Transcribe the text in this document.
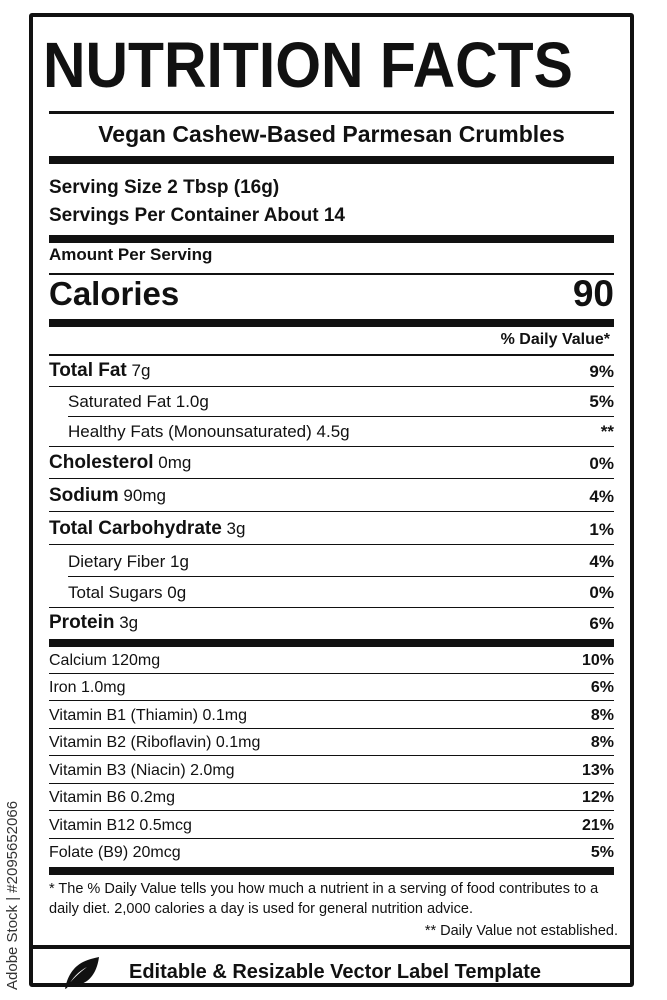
NUTRITION FACTS
Vegan Cashew-Based Parmesan Crumbles
Serving Size 2 Tbsp (16g)
Servings Per Container About 14
Amount Per Serving
Calories	90
% Daily Value*
Total Fat 7g	9%
Saturated Fat 1.0g	5%
Healthy Fats (Monounsaturated) 4.5g	**
Cholesterol 0mg	0%
Sodium 90mg	4%
Total Carbohydrate 3g	1%
Dietary Fiber 1g	4%
Total Sugars 0g	0%
Protein 3g	6%
Calcium 120mg	10%
Iron 1.0mg	6%
Vitamin B1 (Thiamin) 0.1mg	8%
Vitamin B2 (Riboflavin) 0.1mg	8%
Vitamin B3 (Niacin) 2.0mg	13%
Vitamin B6 0.2mg	12%
Vitamin B12 0.5mcg	21%
Folate (B9) 20mcg	5%
* The % Daily Value tells you how much a nutrient in a serving of food contributes to a daily diet. 2,000 calories a day is used for general nutrition advice.
** Daily Value not established.
Editable & Resizable Vector Label Template
Adobe Stock | #2095652066
